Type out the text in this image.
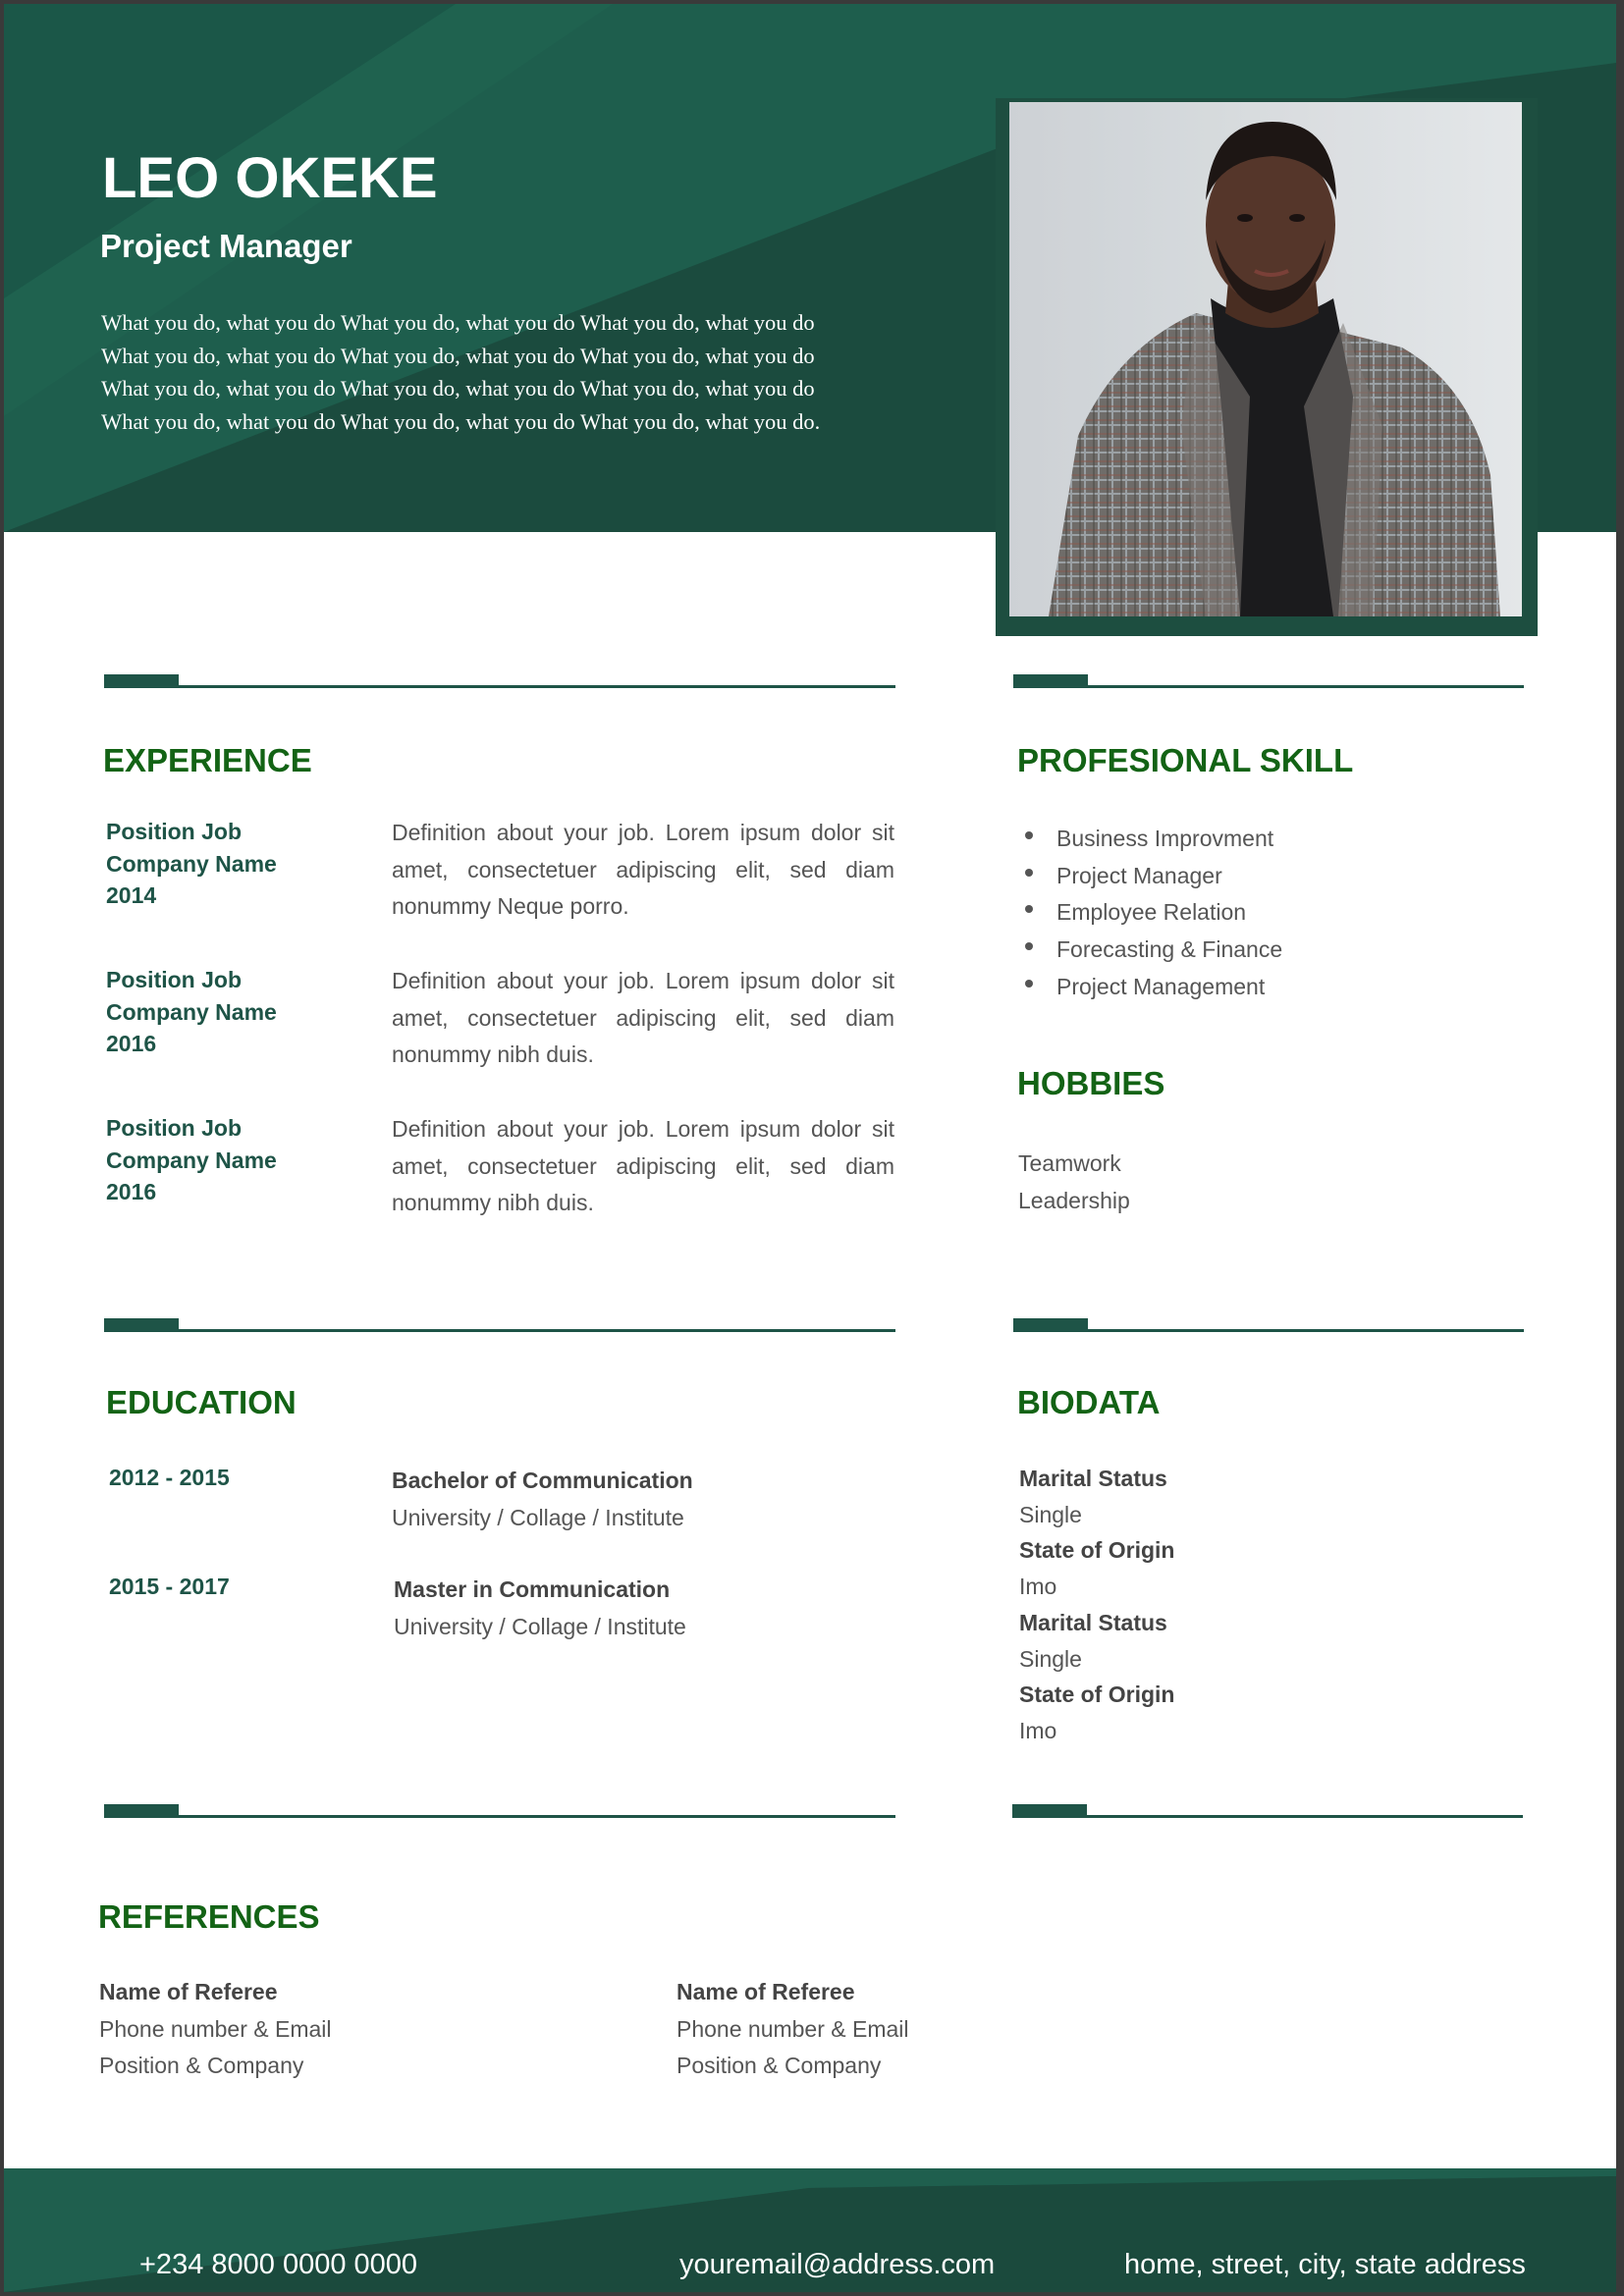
LEO OKEKE
Project Manager
What you do, what you do What you do, what you do What you do, what you do
What you do, what you do What you do, what you do What you do, what you do
What you do, what you do What you do, what you do What you do, what you do
What you do, what you do What you do, what you do What you do, what you do.
EXPERIENCE
Position Job
Company Name
2014
Definition about your job. Lorem ipsum dolor sit amet, consectetuer adipiscing elit, sed diam nonummy Neque porro.
Position Job
Company Name
2016
Definition about your job. Lorem ipsum dolor sit amet, consectetuer adipiscing elit, sed diam nonummy nibh duis.
Position Job
Company Name
2016
Definition about your job. Lorem ipsum dolor sit amet, consectetuer adipiscing elit, sed diam nonummy nibh duis.
PROFESIONAL SKILL
Business Improvment
Project Manager
Employee Relation
Forecasting & Finance
Project Management
HOBBIES
Teamwork
Leadership
EDUCATION
2012 - 2015	Bachelor of Communication
University / Collage / Institute
2015 - 2017	Master in Communication
University / Collage / Institute
BIODATA
Marital Status
Single
State of Origin
Imo
Marital Status
Single
State of Origin
Imo
REFERENCES
Name of Referee
Phone number & Email
Position & Company
Name of Referee
Phone number & Email
Position & Company
+234 8000 0000 0000	youremail@address.com	home, street, city, state address
